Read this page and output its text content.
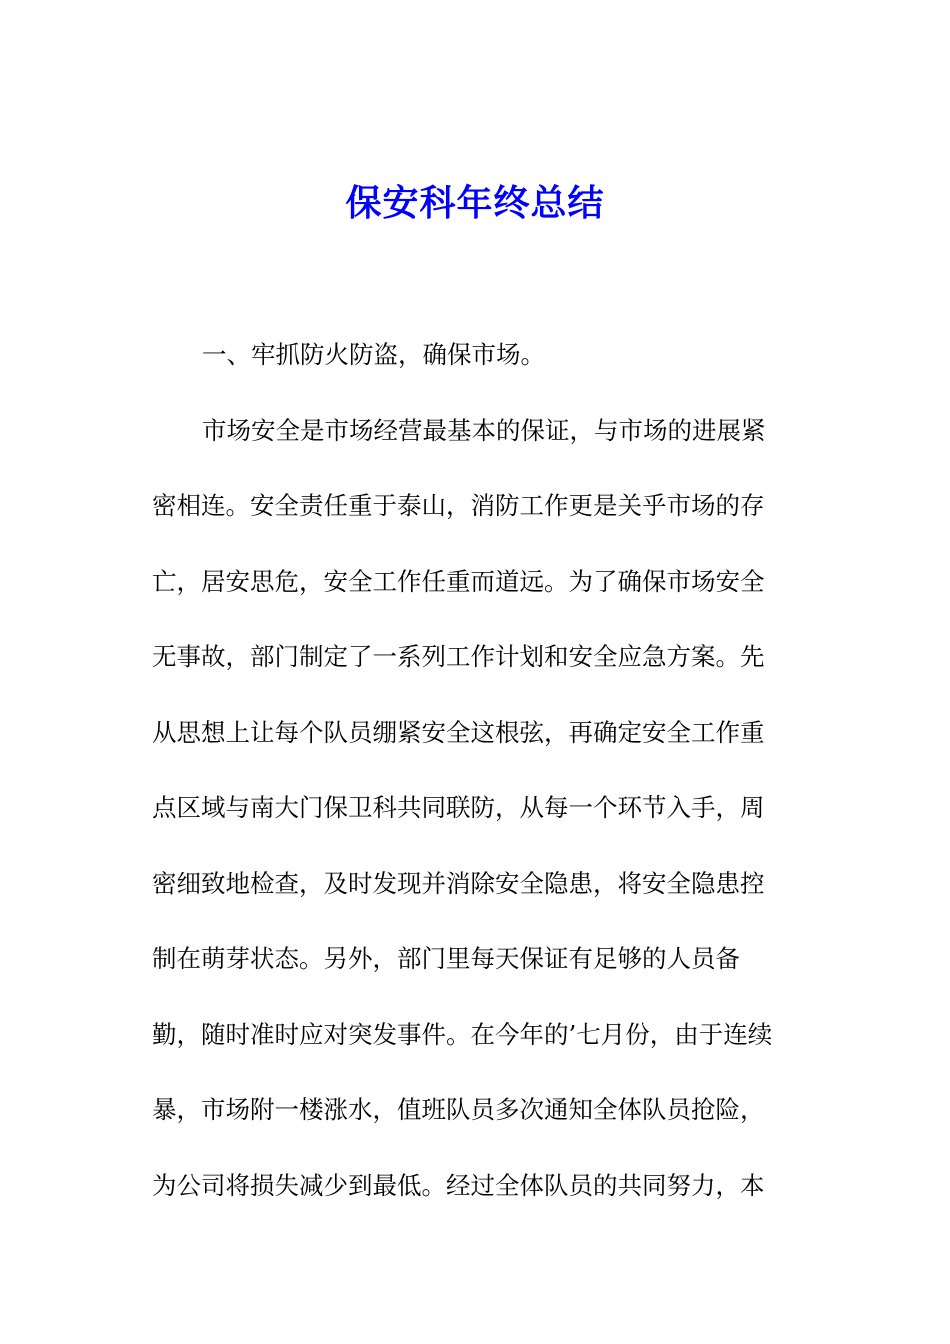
保安科年终总结
一、牢抓防火防盗，确保市场。
市场安全是市场经营最基本的保证，与市场的进展紧
密相连。安全责任重于泰山，消防工作更是关乎市场的存
亡，居安思危，安全工作任重而道远。为了确保市场安全
无事故，部门制定了一系列工作计划和安全应急方案。先
从思想上让每个队员绷紧安全这根弦，再确定安全工作重
点区域与南大门保卫科共同联防，从每一个环节入手，周
密细致地检查，及时发现并消除安全隐患，将安全隐患控
制在萌芽状态。另外，部门里每天保证有足够的人员备
勤，随时准时应对突发事件。在今年的’七月份，由于连续
暴，市场附一楼涨水，值班队员多次通知全体队员抢险，
为公司将损失减少到最低。经过全体队员的共同努力，本
